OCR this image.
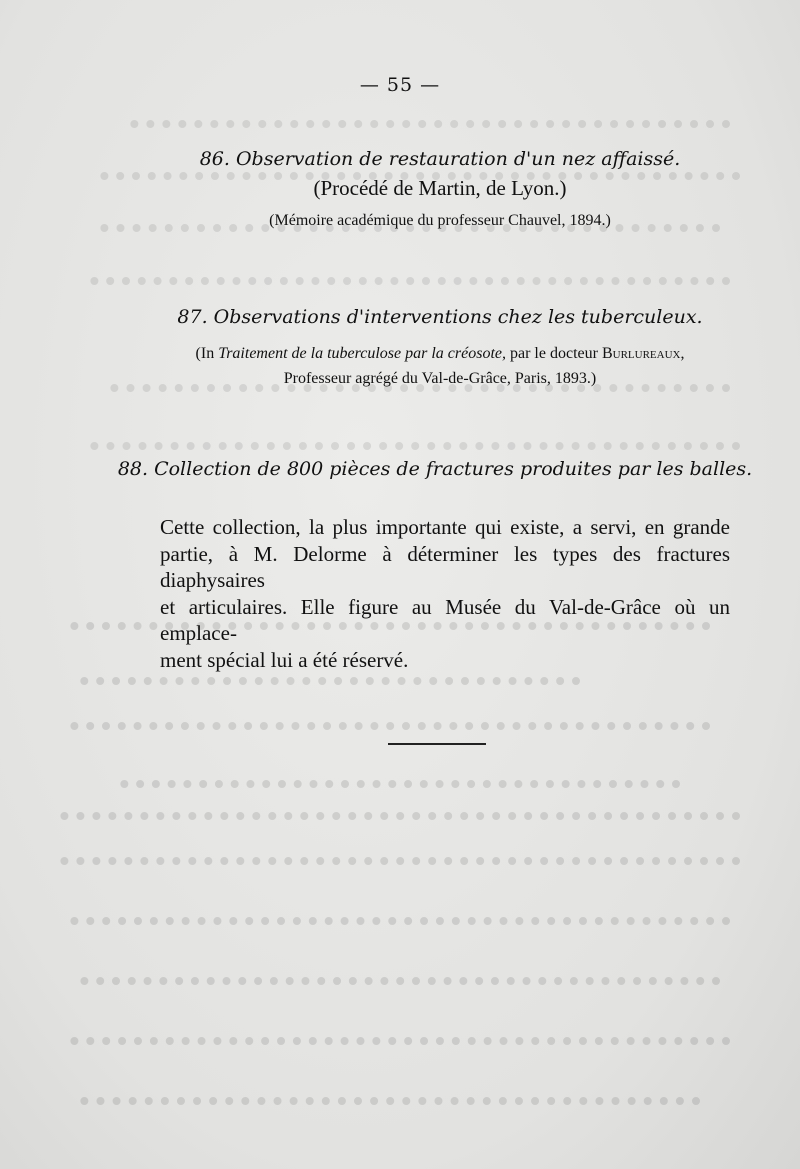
— 55 —
86. Observation de restauration d'un nez affaissé.
(Procédé de Martin, de Lyon.)
(Mémoire académique du professeur Chauvel, 1894.)
87. Observations d'interventions chez les tuberculeux.
(In Traitement de la tuberculose par la créosote, par le docteur Burlureaux,
Professeur agrégé du Val-de-Grâce, Paris, 1893.)
88. Collection de 800 pièces de fractures produites par les balles.
Cette collection, la plus importante qui existe, a servi, en grande
partie, à M. Delorme à déterminer les types des fractures diaphysaires
et articulaires. Elle figure au Musée du Val-de-Grâce où un emplace-
ment spécial lui a été réservé.
